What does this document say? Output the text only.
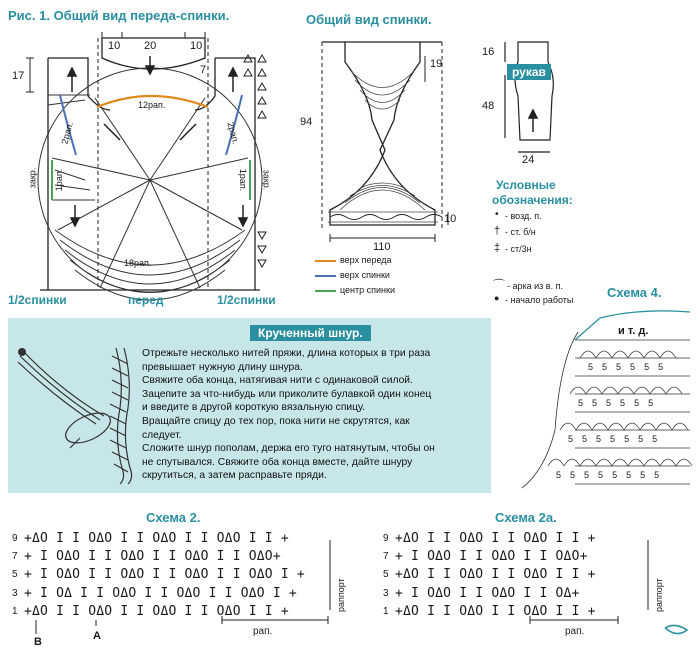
Рис. 1. Общий вид переда-спинки.
10 20	10
17	7
12рап.
18рап.
2рап.	2рап.
1рап.	1рап.
закр.	закр.
1/2спинки	перед	1/2спинки
Общий вид спинки.
19
94
10
110
16
48
24
рукав
верх переда
верх спинки
центр спинки
Условные
обозначения:
• - возд. п.
† - ст. б/н
‡ - ст/3н
⌒ - арка из в. п.
● - начало работы	Схема 4.
и т. д.
555555
555555
5555555
55555555
Крученный шнур.
Отрежьте несколько нитей пряжи, длина которых в три раза
превышает нужную длину шнура.
Свяжите оба конца, натягивая нити с одинаковой силой.
Зацепите за что-нибудь или приколите булавкой один конец
и введите в другой короткую вязальную спицу.
Вращайте спицу до тех пор, пока нити не скрутятся, как
следует.
Сложите шнур пополам, держа его туго натянутым, чтобы он
не спутывался. Свяжите оба конца вместе, дайте шнуру
скрутиться, а затем расправьте пряди.
Схема 2.
9 +ΔO I I OΔO I I OΔO I I OΔO I I +
7 + I OΔO I I OΔO I I OΔO I I OΔO+
5 + I OΔO I I OΔO I I OΔO I I OΔO I +
3 + I OΔ I I OΔO I I OΔO I I OΔO I +
1 +ΔO I I OΔO I I OΔO I I OΔO I I +	раппорт
рап.
B	A
Схема 2а.
9 +ΔO I I OΔO I I OΔO I I +
7 + I OΔO I I OΔO I I OΔO+
5 +ΔO I I OΔO I I OΔO I I +
3 + I OΔO I I OΔO I I OΔ+
1 +ΔO I I OΔO I I OΔO I I +	раппорт
рап.
